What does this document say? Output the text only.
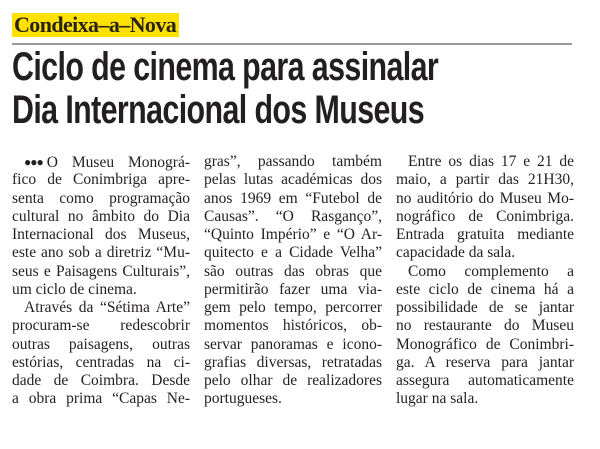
Condeixa–a–Nova
Ciclo de cinema para assinalar
Dia Internacional dos Museus
●●● O Museu Monográ-
fico de Conimbriga apre-
senta como programação
cultural no âmbito do Dia
Internacional dos Museus,
este ano sob a diretriz “Mu-
seus e Paisagens Culturais”,
um ciclo de cinema.
Através da “Sétima Arte”
procuram-se redescobrir
outras paisagens, outras
estórias, centradas na ci-
dade de Coimbra. Desde
a obra prima “Capas Ne-
gras”, passando também
pelas lutas académicas dos
anos 1969 em “Futebol de
Causas”. “O Rasganço”,
“Quinto Império” e “O Ar-
quitecto e a Cidade Velha”
são outras das obras que
permitirão fazer uma via-
gem pelo tempo, percorrer
momentos históricos, ob-
servar panoramas e icono-
grafias diversas, retratadas
pelo olhar de realizadores
portugueses.
Entre os dias 17 e 21 de
maio, a partir das 21H30,
no auditório do Museu Mo-
nográfico de Conimbriga.
Entrada gratuita mediante
capacidade da sala.
Como complemento a
este ciclo de cinema há a
possibilidade de se jantar
no restaurante do Museu
Monográfico de Conimbri-
ga. A reserva para jantar
assegura automaticamente
lugar na sala.
